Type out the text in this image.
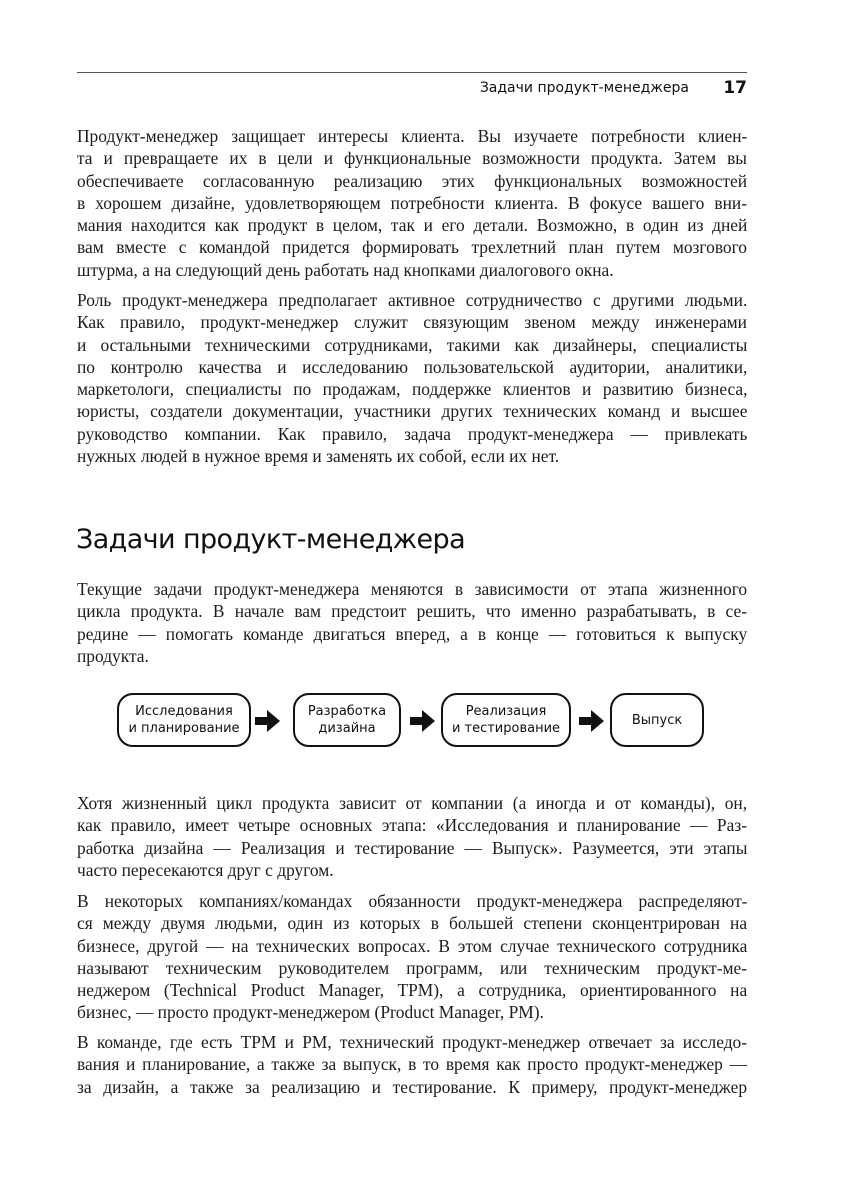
Задачи продукт-менеджера 17
Продукт-менеджер защищает интересы клиента. Вы изучаете потребности клиен-
та и превращаете их в цели и функциональные возможности продукта. Затем вы
обеспечиваете согласованную реализацию этих функциональных возможностей
в хорошем дизайне, удовлетворяющем потребности клиента. В фокусе вашего вни-
мания находится как продукт в целом, так и его детали. Возможно, в один из дней
вам вместе с командой придется формировать трехлетний план путем мозгового
штурма, а на следующий день работать над кнопками диалогового окна.
Роль продукт-менеджера предполагает активное сотрудничество с другими людьми.
Как правило, продукт-менеджер служит связующим звеном между инженерами
и остальными техническими сотрудниками, такими как дизайнеры, специалисты
по контролю качества и исследованию пользовательской аудитории, аналитики,
маркетологи, специалисты по продажам, поддержке клиентов и развитию бизнеса,
юристы, создатели документации, участники других технических команд и высшее
руководство компании. Как правило, задача продукт-менеджера — привлекать
нужных людей в нужное время и заменять их собой, если их нет.
Задачи продукт-менеджера
Текущие задачи продукт-менеджера меняются в зависимости от этапа жизненного
цикла продукта. В начале вам предстоит решить, что именно разрабатывать, в се-
редине — помогать команде двигаться вперед, а в конце — готовиться к выпуску
продукта.
Исследования
и планирование
Разработка
дизайна
Реализация
и тестирование
Выпуск
Хотя жизненный цикл продукта зависит от компании (а иногда и от команды), он,
как правило, имеет четыре основных этапа: «Исследования и планирование — Раз-
работка дизайна — Реализация и тестирование — Выпуск». Разумеется, эти этапы
часто пересекаются друг с другом.
В некоторых компаниях/командах обязанности продукт-менеджера распределяют-
ся между двумя людьми, один из которых в большей степени сконцентрирован на
бизнесе, другой — на технических вопросах. В этом случае технического сотрудника
называют техническим руководителем программ, или техническим продукт-ме-
неджером (Technical Product Manager, TPM), а сотрудника, ориентированного на
бизнес, — просто продукт-менеджером (Product Manager, PM).
В команде, где есть TPM и PM, технический продукт-менеджер отвечает за исследо-
вания и планирование, а также за выпуск, в то время как просто продукт-менеджер —
за дизайн, а также за реализацию и тестирование. К примеру, продукт-менеджер
